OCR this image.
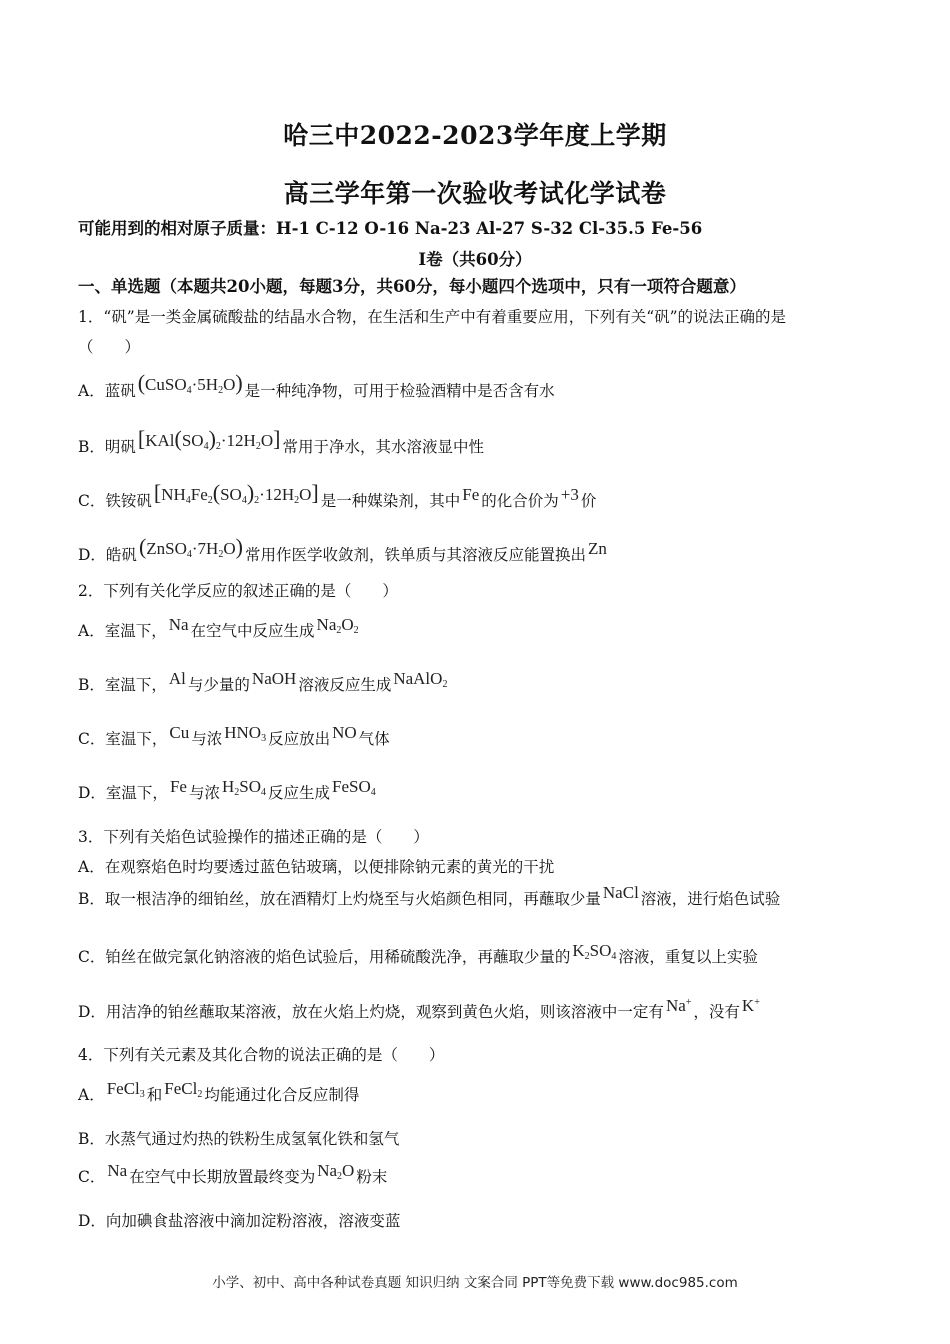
哈三中2022-2023学年度上学期
高三学年第一次验收考试化学试卷
可能用到的相对原子质量：H-1 C-12 O-16 Na-23 Al-27 S-32 Cl-35.5 Fe-56
Ⅰ卷（共60分）
一、单选题（本题共20小题，每题3分，共60分，每小题四个选项中，只有一项符合题意）
1．“矾”是一类金属硫酸盐的结晶水合物，在生活和生产中有着重要应用，下列有关“矾”的说法正确的是
（　　）
A．蓝矾$(CuSO_4\cdot 5H_2O)$ 是一种纯净物，可用于检验酒精中是否含有水
B．明矾$[KAl(SO_4)_2\cdot 12H_2O]$ 常用于净水，其水溶液显中性
C．铁铵矾$[NH_4Fe_2(SO_4)_2\cdot 12H_2O]$ 是一种媒染剂，其中 Fe 的化合价为 +3 价
D．皓矾$(ZnSO_4\cdot 7H_2O)$ 常用作医学收敛剂，铁单质与其溶液反应能置换出 Zn
2．下列有关化学反应的叙述正确的是（　　）
A．室温下， Na 在空气中反应生成 $Na_2O_2$
B．室温下， Al 与少量的 NaOH 溶液反应生成 NaAlO$_2$
C．室温下， Cu 与浓 $HNO_3$ 反应放出 NO 气体
D．室温下， Fe 与浓 $H_2SO_4$ 反应生成 FeSO$_4$
3．下列有关焰色试验操作的描述正确的是（　　）
A．在观察焰色时均要透过蓝色钴玻璃，以便排除钠元素的黄光的干扰
B．取一根洁净的细铂丝，放在酒精灯上灼烧至与火焰颜色相同，再蘸取少量 NaCl 溶液，进行焰色试验
C．铂丝在做完氯化钠溶液的焰色试验后，用稀硫酸洗净，再蘸取少量的 $K_2SO_4$ 溶液，重复以上实验
D．用洁净的铂丝蘸取某溶液，放在火焰上灼烧，观察到黄色火焰，则该溶液中一定有 Na+，没有 K+
4．下列有关元素及其化合物的说法正确的是（　　）
A． FeCl$_3$ 和 FeCl$_2$ 均能通过化合反应制得
B．水蒸气通过灼热的铁粉生成氢氧化铁和氢气
C． Na 在空气中长期放置最终变为 $Na_2O$ 粉末
D．向加碘食盐溶液中滴加淀粉溶液，溶液变蓝
小学、初中、高中各种试卷真题 知识归纳 文案合同 PPT等免费下载 www.doc985.com
